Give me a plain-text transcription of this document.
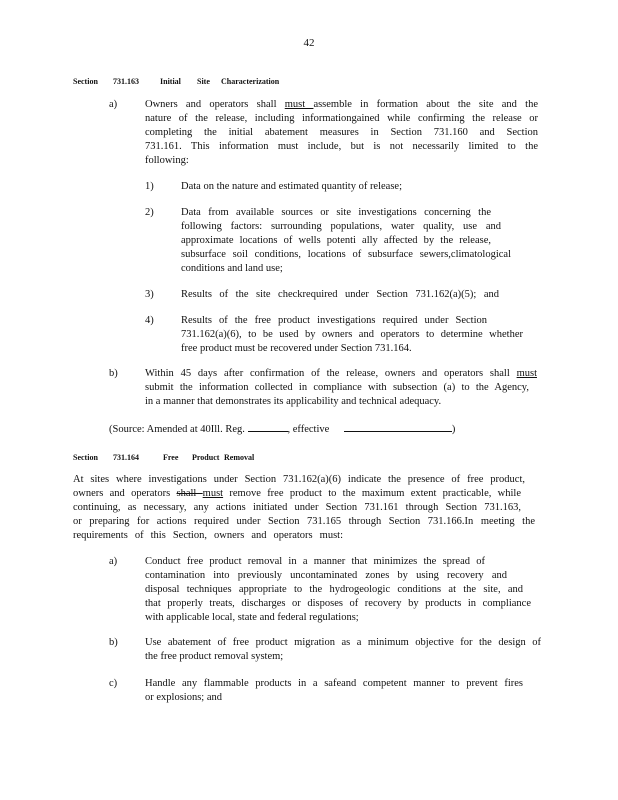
42
Section 731.163	Initial Site Characterization
a)	Owners and operators shall must assemble in formation about the site and the
nature of the release, including informationgained while confirming the release or
completing the initial abatement measures in Section 731.160 and Section
731.161. This information must include, but is not necessarily limited to the
following:
1)	Data on the nature and estimated quantity of release;
2)	Data from available sources or site investigations concerning the
following factors: surrounding populations, water quality, use and
approximate locations of wells potenti ally affected by the release,
subsurface soil conditions, locations of subsurface sewers,climatological
conditions and land use;
3)	Results of the site checkrequired under Section 731.162(a)(5); and
4)	Results of the free product investigations required under Section
731.162(a)(6), to be used by owners and operators to determine whether
free product must be recovered under Section 731.164.
b)	Within 45 days after confirmation of the release, owners and operators shall must
submit the information collected in compliance with subsection (a) to the Agency,
in a manner that demonstrates its applicability and technical adequacy.
(Source: Amended at 40Ill. Reg.	, effective	)
Section 731.164	Free Product Removal
At sites where investigations under Section 731.162(a)(6) indicate the presence of free product,
owners and operators shall must remove free product to the maximum extent practicable, while
continuing, as necessary, any actions initiated under Section 731.161 through Section 731.163,
or preparing for actions required under Section 731.165 through Section 731.166.In meeting the
requirements of this Section, owners and operators must:
a)	Conduct free product removal in a manner that minimizes the spread of
contamination into previously uncontaminated zones by using recovery and
disposal techniques appropriate to the hydrogeologic conditions at the site, and
that properly treats, discharges or disposes of recovery by products in compliance
with applicable local, state and federal regulations;
b)	Use abatement of free product migration as a minimum objective for the design of
the free product removal system;
c)	Handle any flammable products in a safeand competent manner to prevent fires
or explosions; and
